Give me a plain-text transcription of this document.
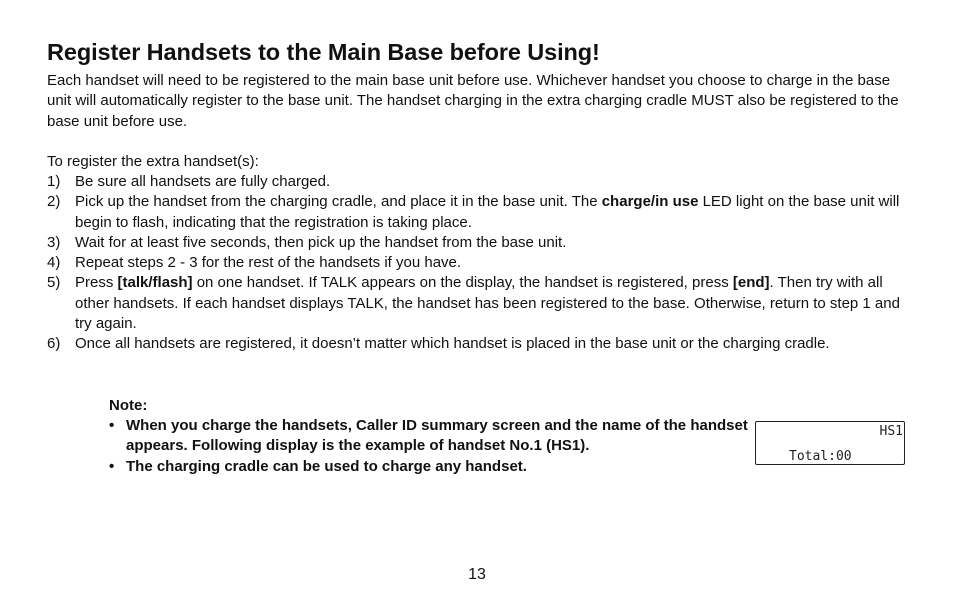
Register Handsets to the Main Base before Using!

Each handset will need to be registered to the main base unit before use. Whichever handset you choose to charge in the base unit will automatically register to the base unit. The handset charging in the extra charging cradle MUST also be registered to the base unit before use.

To register the extra handset(s):

1) Be sure all handsets are fully charged.
2) Pick up the handset from the charging cradle, and place it in the base unit. The charge/in use LED light on the base unit will begin to flash, indicating that the registration is taking place.
3) Wait for at least five seconds, then pick up the handset from the base unit.
4) Repeat steps 2 - 3 for the rest of the handsets if you have.
5) Press [talk/flash] on one handset. If TALK appears on the display, the handset is registered, press [end]. Then try with all other handsets. If each handset displays TALK, the handset has been registered to the base. Otherwise, return to step 1 and try again.
6) Once all handsets are registered, it doesn’t matter which handset is placed in the base unit or the charging cradle.

Note:

• When you charge the handsets, Caller ID summary screen and the name of the handset appears. Following display is the example of handset No.1 (HS1).
• The charging cradle can be used to charge any handset.
HS1
Total:00

13
